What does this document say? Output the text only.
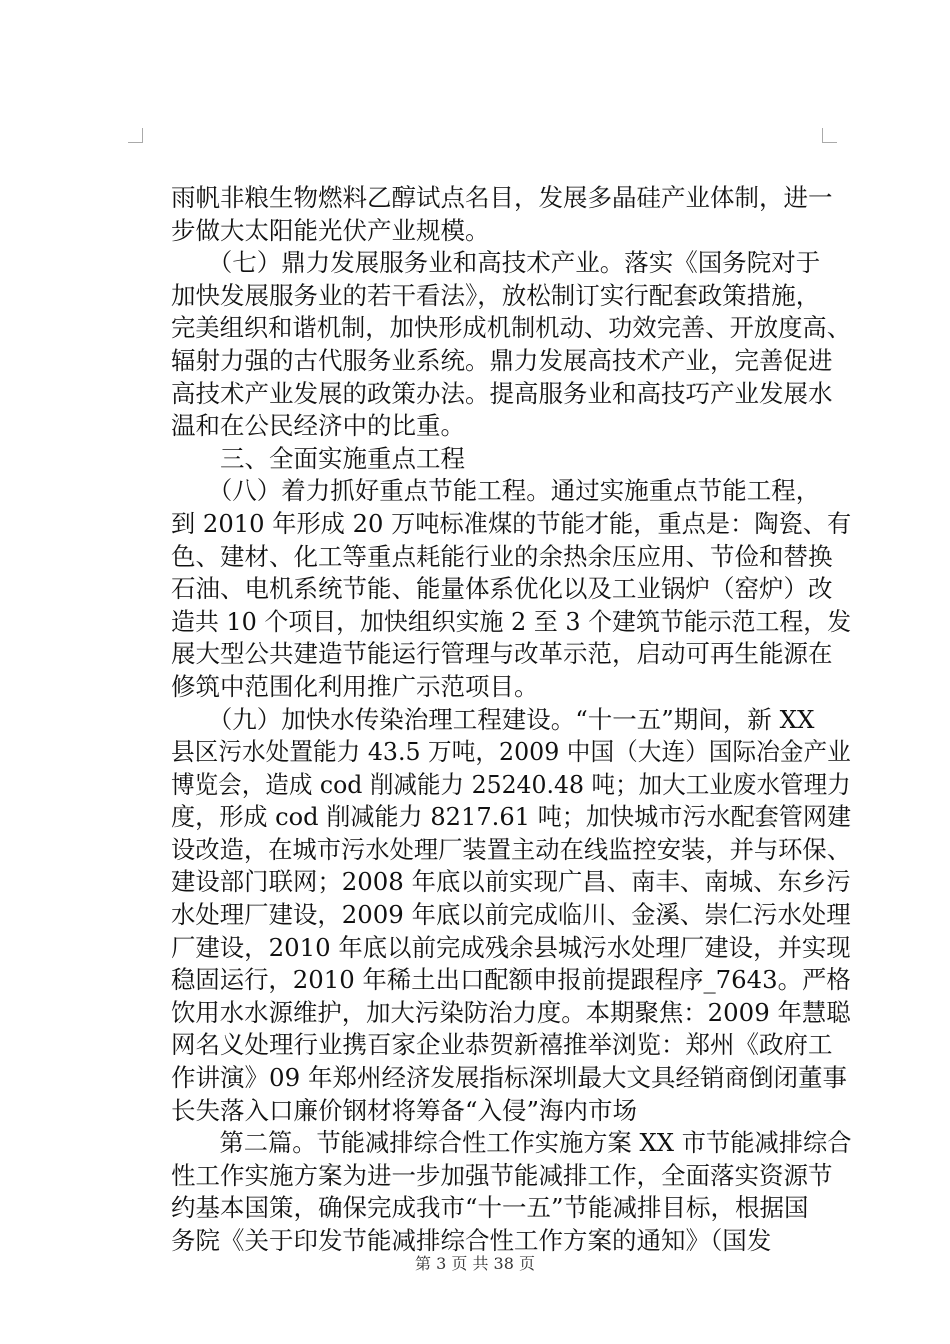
雨帆非粮生物燃料乙醇试点名目，发展多晶硅产业体制，进一
步做大太阳能光伏产业规模。
　　（七）鼎力发展服务业和高技术产业。落实《国务院对于
加快发展服务业的若干看法》，放松制订实行配套政策措施，
完美组织和谐机制，加快形成机制机动、功效完善、开放度高、
辐射力强的古代服务业系统。鼎力发展高技术产业，完善促进
高技术产业发展的政策办法。提高服务业和高技巧产业发展水
温和在公民经济中的比重。
　　三、全面实施重点工程
　　（八）着力抓好重点节能工程。通过实施重点节能工程，
到 2010 年形成 20 万吨标准煤的节能才能，重点是：陶瓷、有
色、建材、化工等重点耗能行业的余热余压应用、节俭和替换
石油、电机系统节能、能量体系优化以及工业锅炉（窑炉）改
造共 10 个项目，加快组织实施 2 至 3 个建筑节能示范工程，发
展大型公共建造节能运行管理与改革示范，启动可再生能源在
修筑中范围化利用推广示范项目。
　　（九）加快水传染治理工程建设。“十一五”期间，新 XX
县区污水处置能力 43.5 万吨，2009 中国（大连）国际冶金产业
博览会，造成 cod 削减能力 25240.48 吨；加大工业废水管理力
度，形成 cod 削减能力 8217.61 吨；加快城市污水配套管网建
设改造，在城市污水处理厂装置主动在线监控安装，并与环保、
建设部门联网；2008 年底以前实现广昌、南丰、南城、东乡污
水处理厂建设，2009 年底以前完成临川、金溪、崇仁污水处理
厂建设，2010 年底以前完成残余县城污水处理厂建设，并实现
稳固运行，2010 年稀土出口配额申报前提跟程序_7643。严格
饮用水水源维护，加大污染防治力度。本期聚焦：2009 年慧聪
网名义处理行业携百家企业恭贺新禧推举浏览：郑州《政府工
作讲演》09 年郑州经济发展指标深圳最大文具经销商倒闭董事
长失落入口廉价钢材将筹备“入侵”海内市场
　　第二篇。节能减排综合性工作实施方案 XX 市节能减排综合
性工作实施方案为进一步加强节能减排工作，全面落实资源节
约基本国策，确保完成我市“十一五”节能减排目标，根据国
务院《关于印发节能减排综合性工作方案的通知》（国发
第 3 页 共 38 页
